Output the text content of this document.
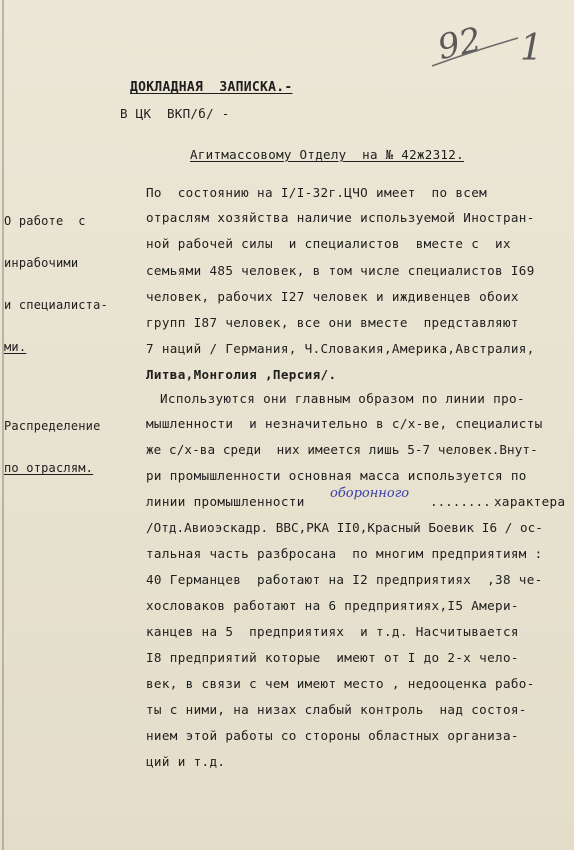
92 1
ДОКЛАДНАЯ  ЗАПИСКА.-
В ЦК  ВКП/б/ -
Агитмассовому Отделу  на № 42ж2312.

О работе  с

инрабочими

и специалиста-

ми.

Распределение

по отраслям.

По  состоянию на I/I-32г.ЦЧО имеет  по всем
отраслям хозяйства наличие используемой Иностран-
ной рабочей силы  и специалистов  вместе с  их
семьями 485 человек, в том числе специалистов I69
человек, рабочих I27 человек и иждивенцев обоих
групп I87 человек, все они вместе  представляют
7 наций / Германия, Ч.Словакия,Америка,Австралия,
Литва,Монголия ,Персия/.
Используются они главным образом по линии про-
мышленности  и незначительно в с/х-ве, специалисты
же с/х-ва среди  них имеется лишь 5-7 человек.Внут-
ри промышленности основная масса используется по
линии промышленности
оборонного
........ характера
/Отд.Авиоэскадр. ВВС,РКА II0,Красный Боевик I6 / ос-
тальная часть разбросана  по многим предприятиям :
40 Германцев  работают на I2 предприятиях  ,38 че-
хословаков работают на 6 предприятиях,I5 Амери-
канцев на 5  предприятиях  и т.д. Насчитывается
I8 предприятий которые  имеют от I до 2-х чело-
век, в связи с чем имеют место , недооценка рабо-
ты с ними, на низах слабый контроль  над состоя-
нием этой работы со стороны областных организа-
ций и т.д.
